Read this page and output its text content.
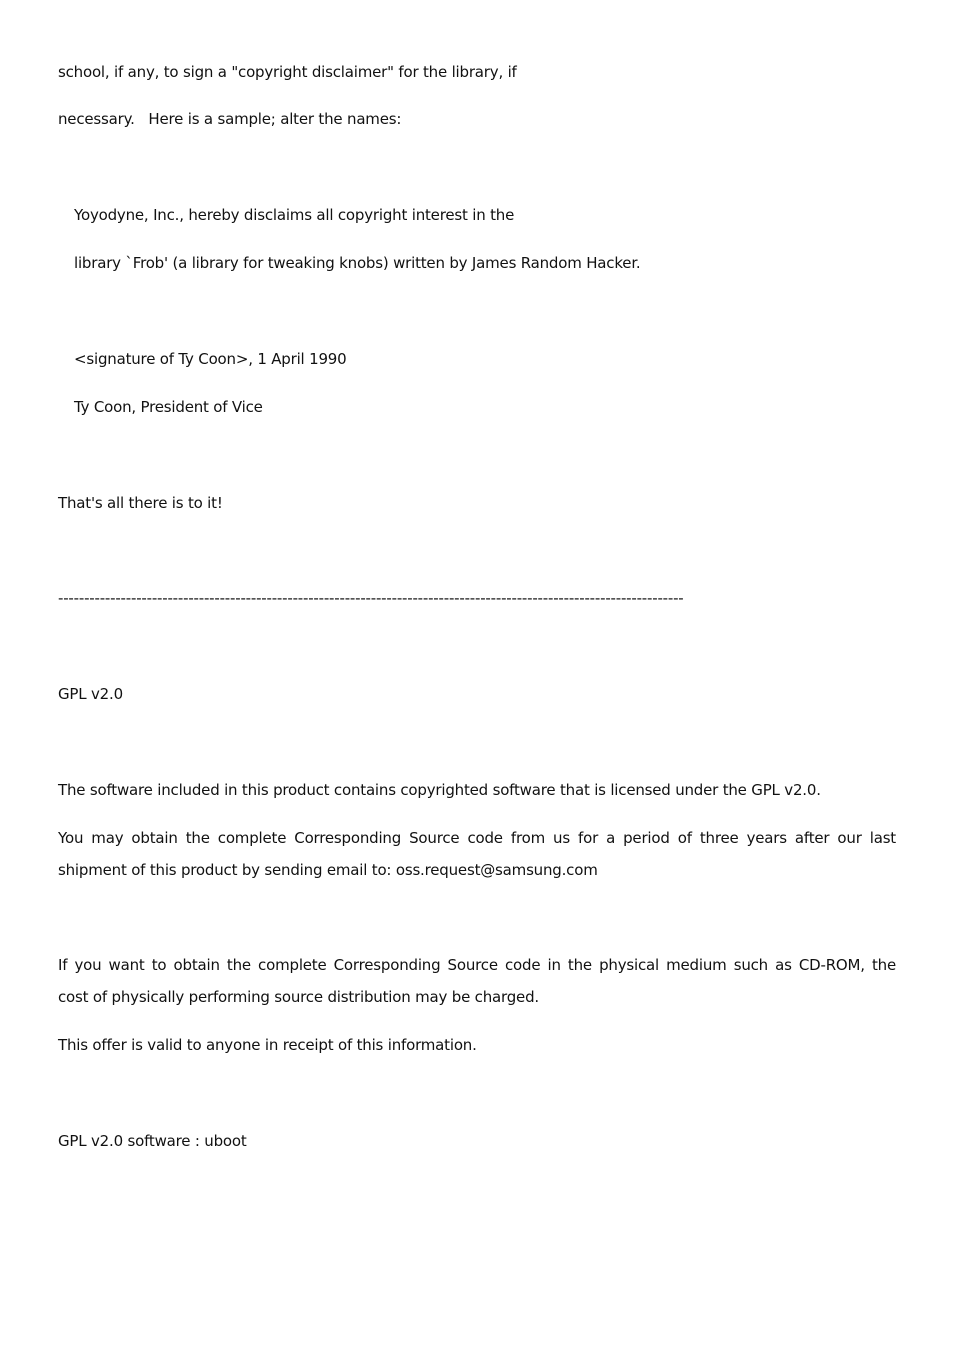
school, if any, to sign a "copyright disclaimer" for the library, if
necessary.   Here is a sample; alter the names:
Yoyodyne, Inc., hereby disclaims all copyright interest in the
library `Frob' (a library for tweaking knobs) written by James Random Hacker.
<signature of Ty Coon>, 1 April 1990
Ty Coon, President of Vice
That's all there is to it!
------------------------------------------------------------------------------------------------------------------------
GPL v2.0
The software included in this product contains copyrighted software that is licensed under the GPL v2.0.
You may obtain the complete Corresponding Source code from us for a period of three years after our last
shipment of this product by sending email to: oss.request@samsung.com
If you want to obtain the complete Corresponding Source code in the physical medium such as CD-ROM, the
cost of physically performing source distribution may be charged.
This offer is valid to anyone in receipt of this information.
GPL v2.0 software : uboot
